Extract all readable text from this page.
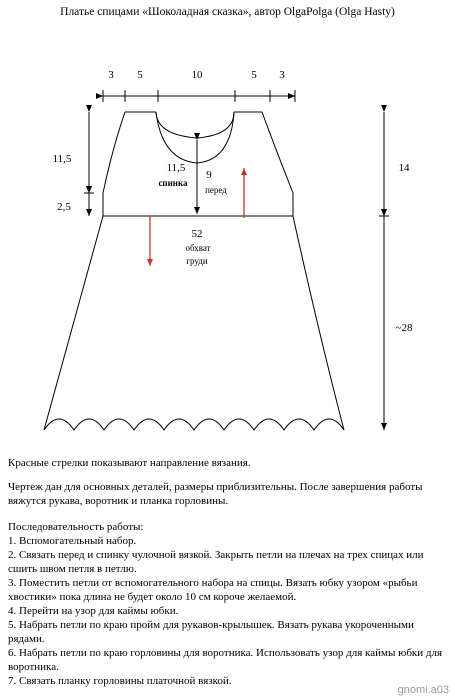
Платье спицами «Шоколадная сказка», автор OlgaPolga (Olga Hasty)
3 5	10	5 3
11,5
спинка
9
перед
52
обхват
груди
11,5
2,5
14
~28

Красные стрелки показывают направление вязания.

Чертеж дан для основных деталей, размеры приблизительны. После завершения работы вяжутся рукава, воротник и планка горловины.

Последовательность работы:

1. Вспомогательный набор.
2. Связать перед и спинку чулочной вязкой. Закрыть петли на плечах на трех спицах или сшить швом петля в петлю.
3. Поместить петли от вспомогательного набора на спицы. Вязать юбку узором «рыбьи хвостики» пока длина не будет около 10 см короче желаемой.
4. Перейти на узор для каймы юбки.
5. Набрать петли по краю пройм для рукавов-крылышек. Вязать рукава укороченными рядами.
6. Набрать петли по краю горловины для воротника. Использовать узор для каймы юбки для воротника.
7. Связать планку горловины платочной вязкой.
gnomi.a03
